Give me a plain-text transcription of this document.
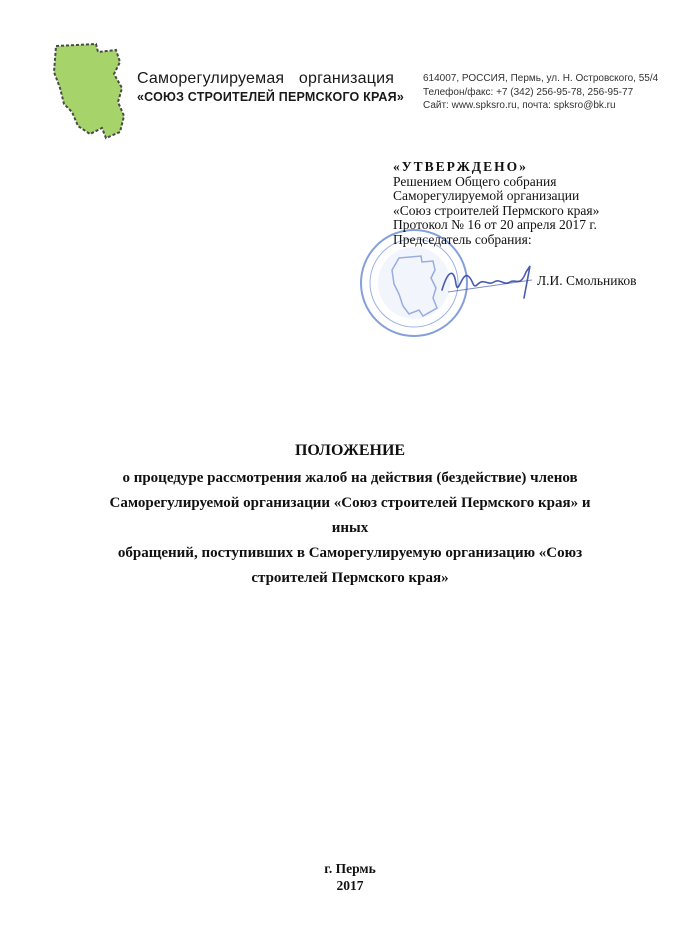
Саморегулируемая организация
«СОЮЗ СТРОИТЕЛЕЙ ПЕРМСКОГО КРАЯ»
614007, РОССИЯ, Пермь, ул. Н. Островского, 55/4
Телефон/факс: +7 (342) 256-95-78, 256-95-77
Сайт: www.spksro.ru, почта: spksro@bk.ru
«УТВЕРЖДЕНО»
Решением Общего собрания
Саморегулируемой организации
«Союз строителей Пермского края»
Протокол № 16 от 20 апреля 2017 г.
Председатель собрания:
Л.И. Смольников
ПОЛОЖЕНИЕ
о процедуре рассмотрения жалоб на действия (бездействие) членов
Саморегулируемой организации «Союз строителей Пермского края» и иных
обращений, поступивших в Саморегулируемую организацию «Союз
строителей Пермского края»
г. Пермь
2017
